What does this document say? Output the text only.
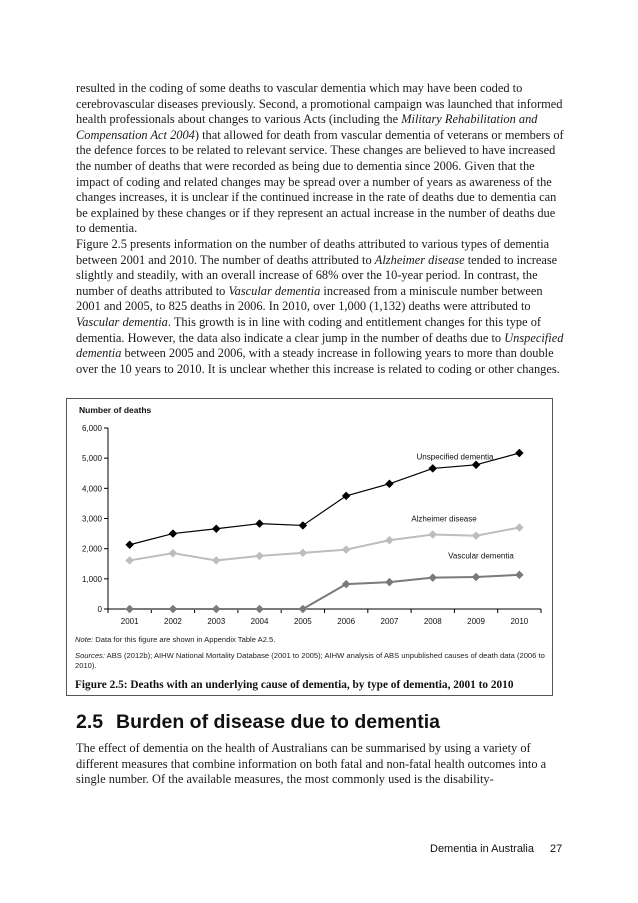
resulted in the coding of some deaths to vascular dementia which may have been coded to cerebrovascular diseases previously. Second, a promotional campaign was launched that informed health professionals about changes to various Acts (including the Military Rehabilitation and Compensation Act 2004) that allowed for death from vascular dementia of veterans or members of the defence forces to be related to relevant service. These changes are believed to have increased the number of deaths that were recorded as being due to dementia since 2006. Given that the impact of coding and related changes may be spread over a number of years as awareness of the changes increases, it is unclear if the continued increase in the rate of deaths due to dementia can be explained by these changes or if they represent an actual increase in the number of deaths due to dementia.

Figure 2.5 presents information on the number of deaths attributed to various types of dementia between 2001 and 2010. The number of deaths attributed to Alzheimer disease tended to increase slightly and steadily, with an overall increase of 68% over the 10-year period. In contrast, the number of deaths attributed to Vascular dementia increased from a miniscule number between 2001 and 2005, to 825 deaths in 2006. In 2010, over 1,000 (1,132) deaths were attributed to Vascular dementia. This growth is in line with coding and entitlement changes for this type of dementia. However, the data also indicate a clear jump in the number of deaths due to Unspecified dementia between 2005 and 2006, with a steady increase in following years to more than double over the 10 years to 2010. It is unclear whether this increase is related to coding or other changes.

Number of deaths
0
1,000
2,000
3,000
4,000
5,000
6,000
2001	2002	2003	2004	2005	2006	2007	2008	2009	2010
Unspecified dementia
Alzheimer disease
Vascular dementia
Note: Data for this figure are shown in Appendix Table A2.5.
Sources: ABS (2012b); AIHW National Mortality Database (2001 to 2005); AIHW analysis of ABS unpublished causes of death data (2006 to 2010).
Figure 2.5: Deaths with an underlying cause of dementia, by type of dementia, 2001 to 2010
2.5 Burden of disease due to dementia

The effect of dementia on the health of Australians can be summarised by using a variety of different measures that combine information on both fatal and non-fatal health outcomes into a single number. Of the available measures, the most commonly used is the disability-

Dementia in Australia 27
